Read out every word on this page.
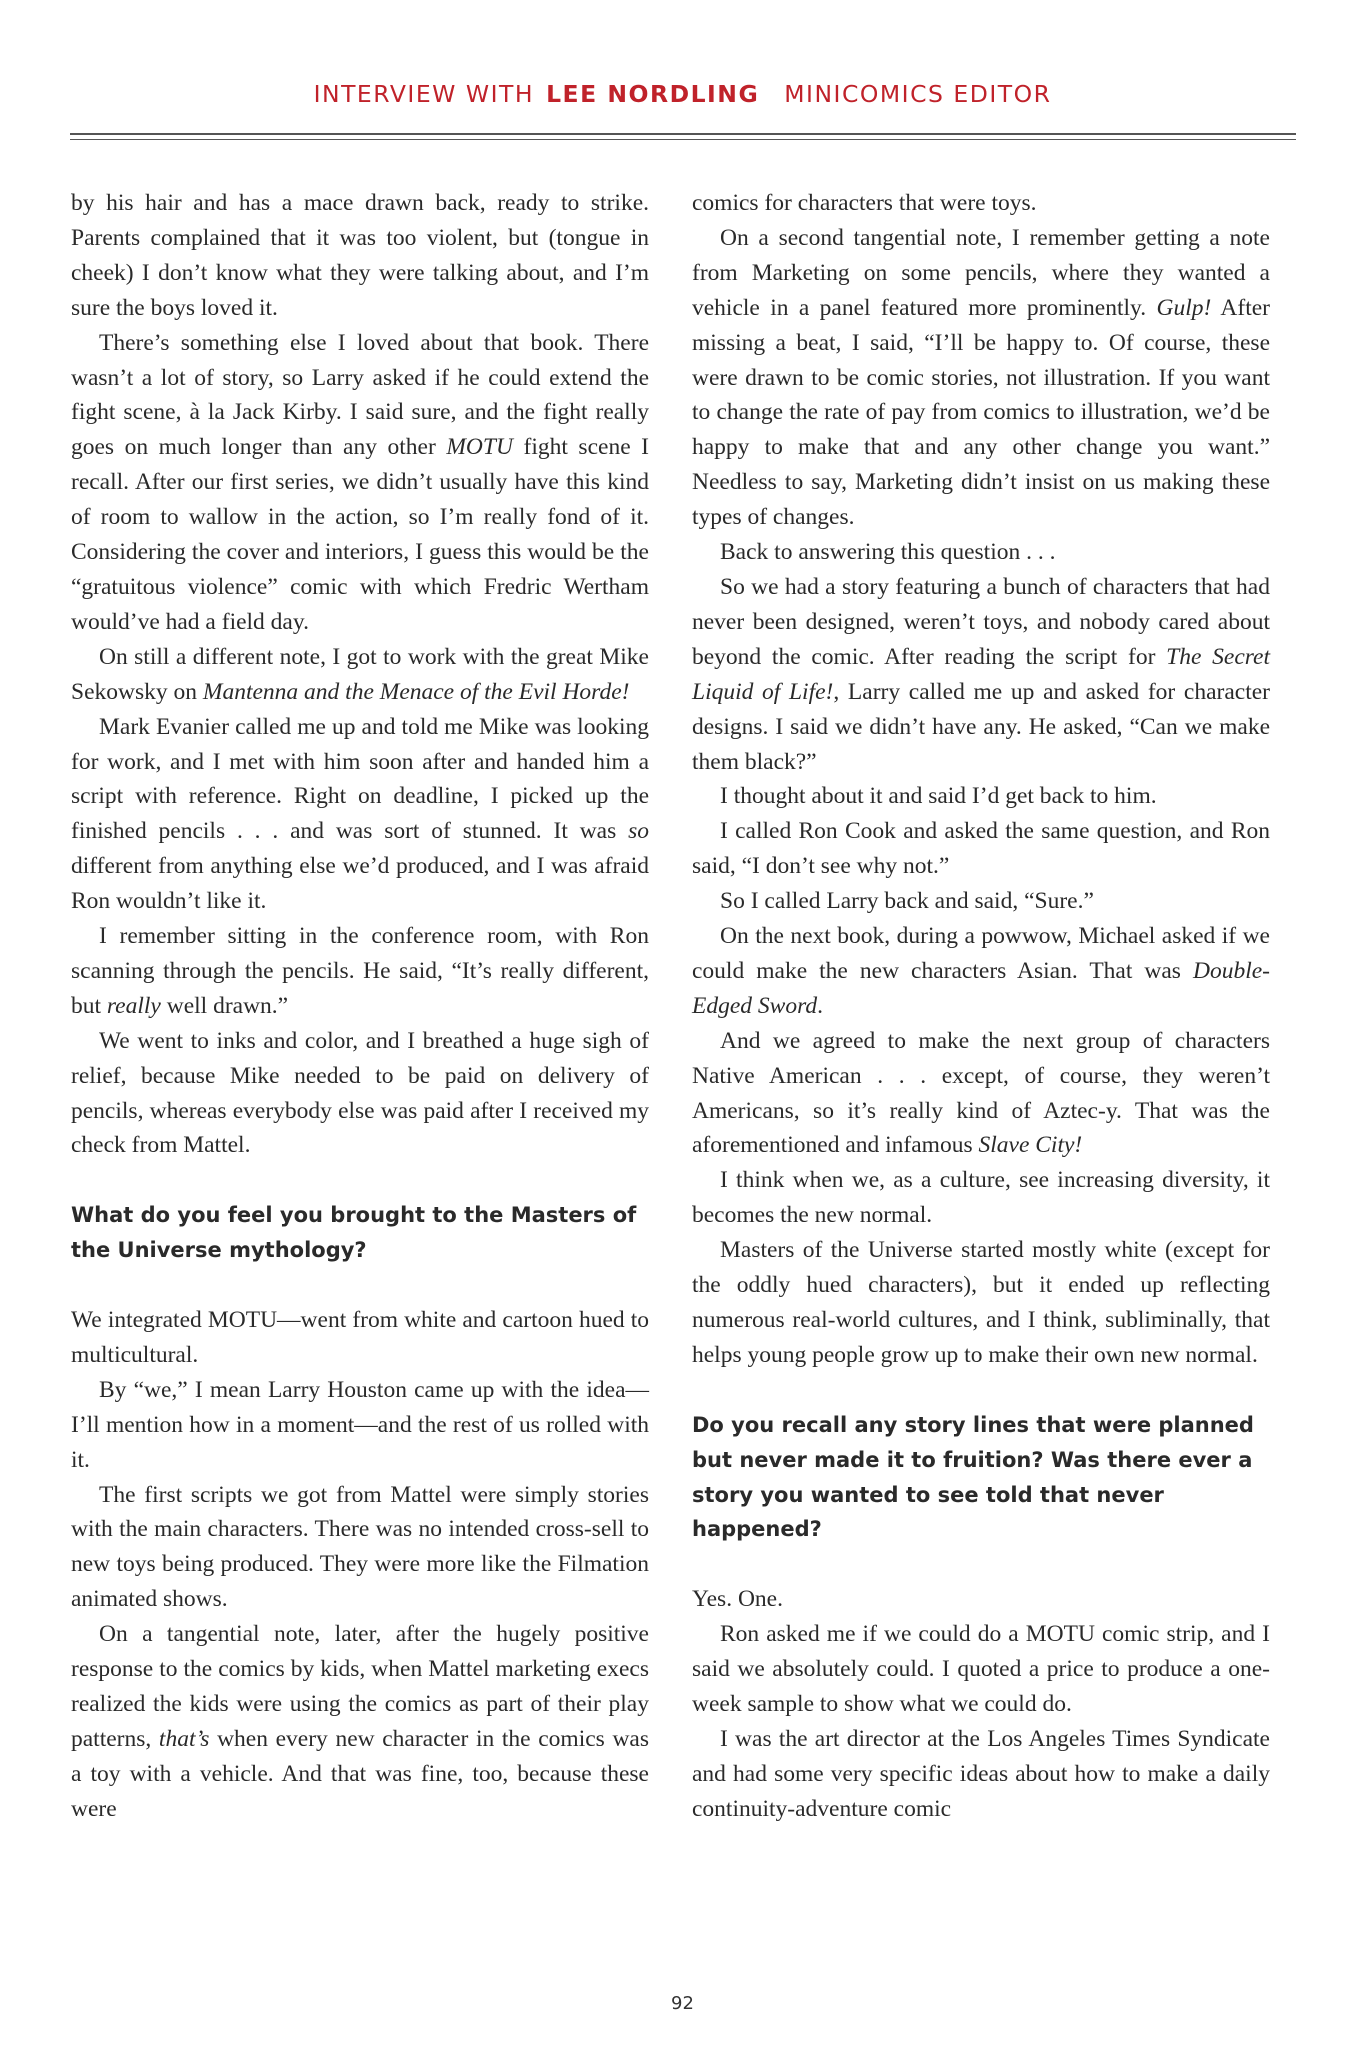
INTERVIEW WITH LEE NORDLING MINICOMICS EDITOR

by his hair and has a mace drawn back, ready to strike. Parents complained that it was too violent, but (tongue in cheek) I don’t know what they were talking about, and I’m sure the boys loved it.

There’s something else I loved about that book. There wasn’t a lot of story, so Larry asked if he could extend the fight scene, à la Jack Kirby. I said sure, and the fight really goes on much longer than any other MOTU fight scene I recall. After our first series, we didn’t usually have this kind of room to wallow in the action, so I’m really fond of it. Considering the cover and interiors, I guess this would be the “gratuitous violence” comic with which Fredric Wertham would’ve had a field day.

On still a different note, I got to work with the great Mike Sekowsky on Mantenna and the Menace of the Evil Horde!

Mark Evanier called me up and told me Mike was looking for work, and I met with him soon after and handed him a script with reference. Right on deadline, I picked up the finished pencils . . . and was sort of stunned. It was so different from anything else we’d produced, and I was afraid Ron wouldn’t like it.

I remember sitting in the conference room, with Ron scanning through the pencils. He said, “It’s really different, but really well drawn.”

We went to inks and color, and I breathed a huge sigh of relief, because Mike needed to be paid on delivery of pencils, whereas everybody else was paid after I received my check from Mattel.

What do you feel you brought to the Masters of the Universe mythology?

We integrated MOTU—went from white and cartoon hued to multicultural.

By “we,” I mean Larry Houston came up with the idea—I’ll mention how in a moment—and the rest of us rolled with it.

The first scripts we got from Mattel were simply stories with the main characters. There was no intended cross-sell to new toys being produced. They were more like the Filmation animated shows.

On a tangential note, later, after the hugely positive response to the comics by kids, when Mattel marketing execs realized the kids were using the comics as part of their play patterns, that’s when every new character in the comics was a toy with a vehicle. And that was fine, too, because these were

comics for characters that were toys.

On a second tangential note, I remember getting a note from Marketing on some pencils, where they wanted a vehicle in a panel featured more prominently. Gulp! After missing a beat, I said, “I’ll be happy to. Of course, these were drawn to be comic stories, not illustration. If you want to change the rate of pay from comics to illustration, we’d be happy to make that and any other change you want.” Needless to say, Marketing didn’t insist on us making these types of changes.

Back to answering this question . . .

So we had a story featuring a bunch of characters that had never been designed, weren’t toys, and nobody cared about beyond the comic. After reading the script for The Secret Liquid of Life!, Larry called me up and asked for character designs. I said we didn’t have any. He asked, “Can we make them black?”

I thought about it and said I’d get back to him.

I called Ron Cook and asked the same question, and Ron said, “I don’t see why not.”

So I called Larry back and said, “Sure.”

On the next book, during a powwow, Michael asked if we could make the new characters Asian. That was Double-Edged Sword.

And we agreed to make the next group of characters Native American . . . except, of course, they weren’t Americans, so it’s really kind of Aztec-y. That was the aforementioned and infamous Slave City!

I think when we, as a culture, see increasing diversity, it becomes the new normal.

Masters of the Universe started mostly white (except for the oddly hued characters), but it ended up reflecting numerous real-world cultures, and I think, subliminally, that helps young people grow up to make their own new normal.

Do you recall any story lines that were planned but never made it to fruition? Was there ever a story you wanted to see told that never happened?

Yes. One.

Ron asked me if we could do a MOTU comic strip, and I said we absolutely could. I quoted a price to produce a one-week sample to show what we could do.

I was the art director at the Los Angeles Times Syndicate and had some very specific ideas about how to make a daily continuity-adventure comic

92
